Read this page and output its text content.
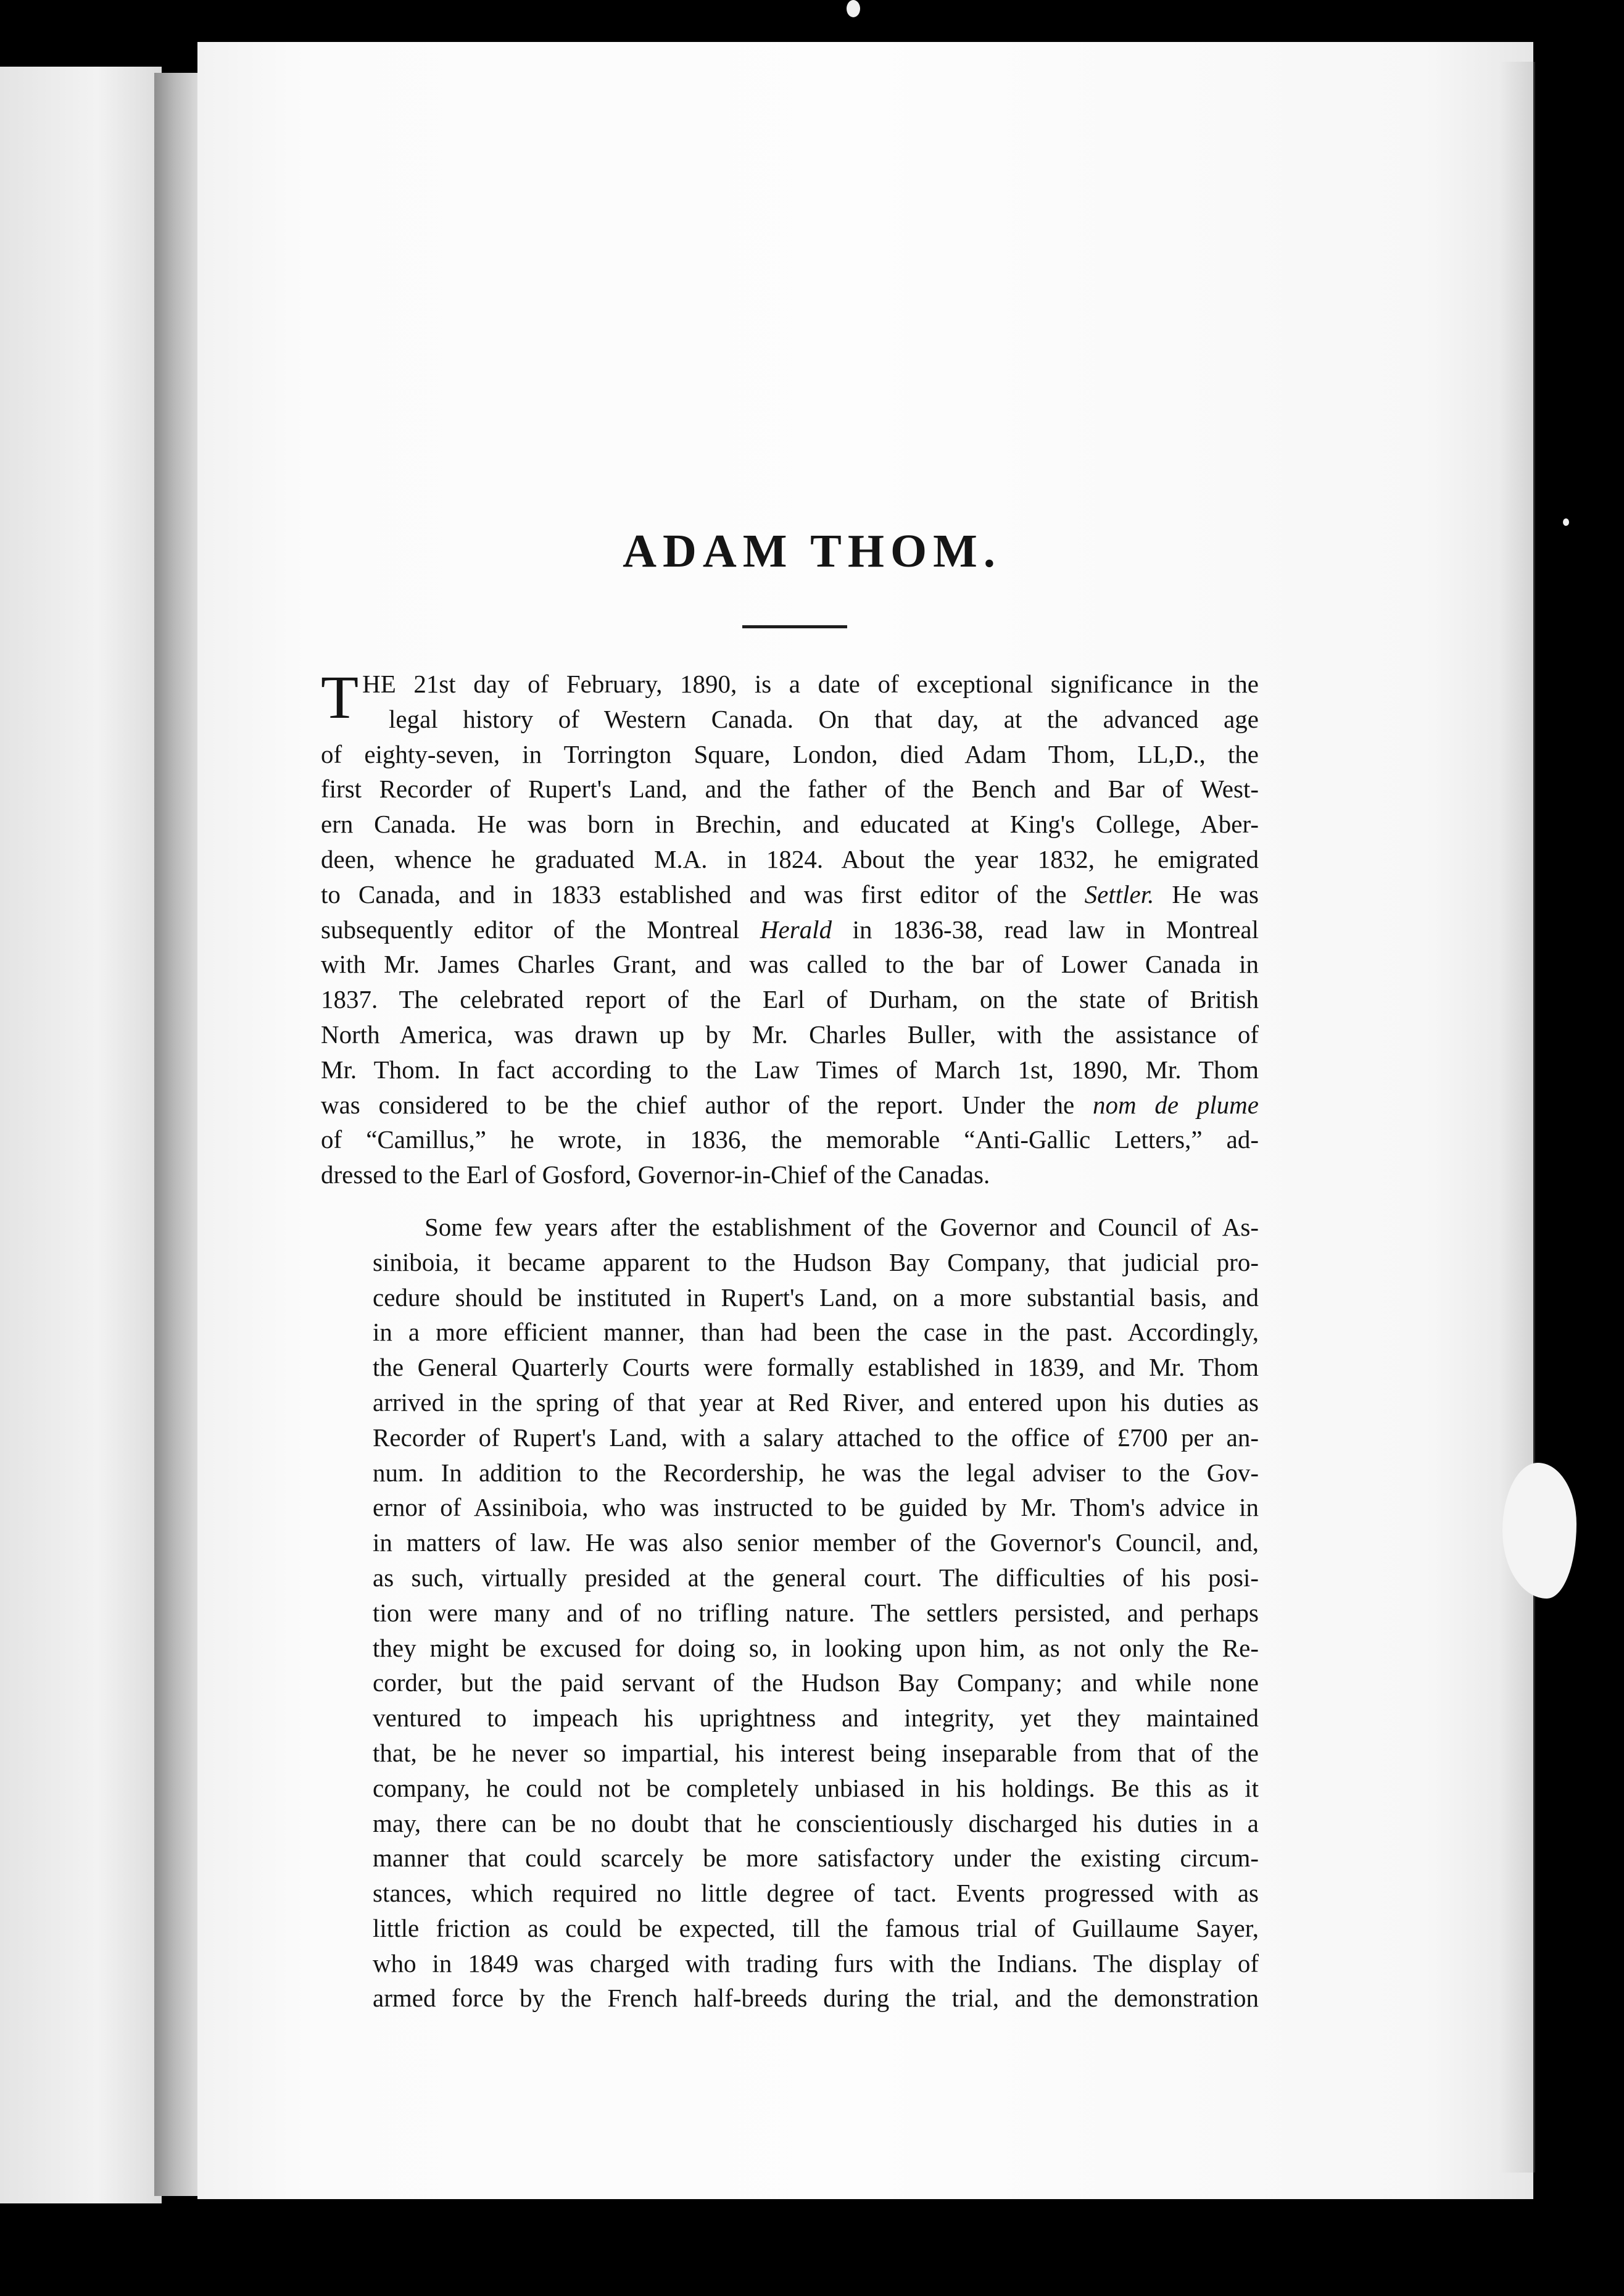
ADAM THOM.
T HE 21st day of February, 1890, is a date of exceptional significance in the
legal history of Western Canada. On that day, at the advanced age
of eighty-seven, in Torrington Square, London, died Adam Thom, LL,D., the
first Recorder of Rupert's Land, and the father of the Bench and Bar of West-
ern Canada. He was born in Brechin, and educated at King's College, Aber-
deen, whence he graduated M.A. in 1824. About the year 1832, he emigrated
to Canada, and in 1833 established and was first editor of the Settler. He was
subsequently editor of the Montreal Herald in 1836-38, read law in Montreal
with Mr. James Charles Grant, and was called to the bar of Lower Canada in
1837. The celebrated report of the Earl of Durham, on the state of British
North America, was drawn up by Mr. Charles Buller, with the assistance of
Mr. Thom. In fact according to the Law Times of March 1st, 1890, Mr. Thom
was considered to be the chief author of the report. Under the nom de plume
of “Camillus,” he wrote, in 1836, the memorable “Anti-Gallic Letters,” ad-
dressed to the Earl of Gosford, Governor-in-Chief of the Canadas.
Some few years after the establishment of the Governor and Council of As-
siniboia, it became apparent to the Hudson Bay Company, that judicial pro-
cedure should be instituted in Rupert's Land, on a more substantial basis, and
in a more efficient manner, than had been the case in the past. Accordingly,
the General Quarterly Courts were formally established in 1839, and Mr. Thom
arrived in the spring of that year at Red River, and entered upon his duties as
Recorder of Rupert's Land, with a salary attached to the office of £700 per an-
num. In addition to the Recordership, he was the legal adviser to the Gov-
ernor of Assiniboia, who was instructed to be guided by Mr. Thom's advice in
in matters of law. He was also senior member of the Governor's Council, and,
as such, virtually presided at the general court. The difficulties of his posi-
tion were many and of no trifling nature. The settlers persisted, and perhaps
they might be excused for doing so, in looking upon him, as not only the Re-
corder, but the paid servant of the Hudson Bay Company; and while none
ventured to impeach his uprightness and integrity, yet they maintained
that, be he never so impartial, his interest being inseparable from that of the
company, he could not be completely unbiased in his holdings. Be this as it
may, there can be no doubt that he conscientiously discharged his duties in a
manner that could scarcely be more satisfactory under the existing circum-
stances, which required no little degree of tact. Events progressed with as
little friction as could be expected, till the famous trial of Guillaume Sayer,
who in 1849 was charged with trading furs with the Indians. The display of
armed force by the French half-breeds during the trial, and the demonstration
